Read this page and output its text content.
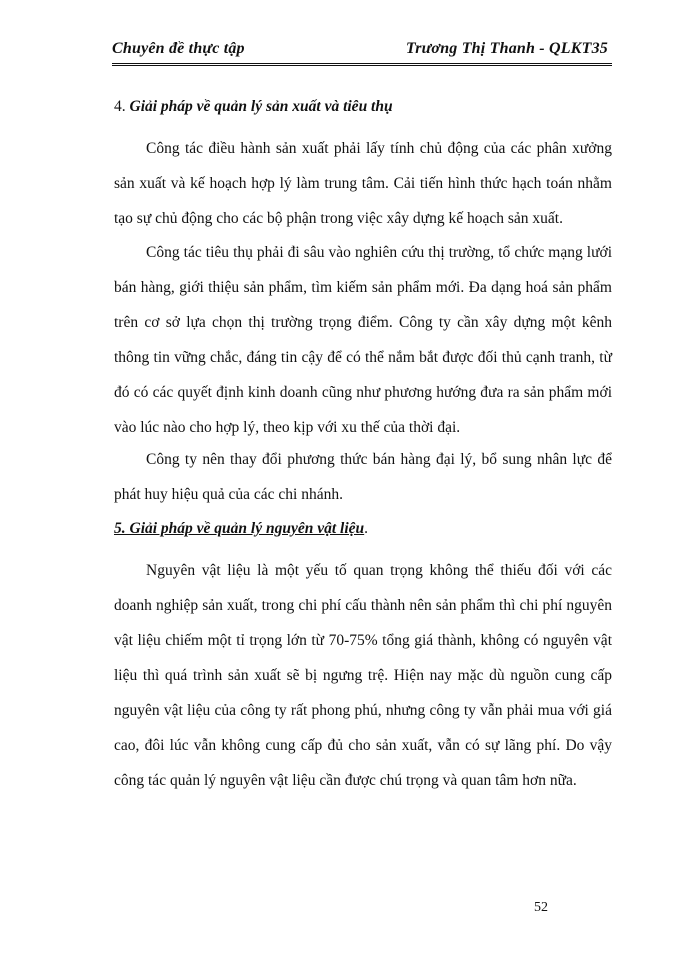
Chuyên đề thực tập	Trương Thị Thanh - QLKT35
4. Giải pháp về quản lý sản xuất và tiêu thụ

Công tác điều hành sản xuất phải lấy tính chủ động của các phân xưởng sản xuất và kế hoạch hợp lý làm trung tâm. Cải tiến hình thức hạch toán nhằm tạo sự chủ động cho các bộ phận trong việc xây dựng kế hoạch sản xuất.

Công tác tiêu thụ phải đi sâu vào nghiên cứu thị trường, tổ chức mạng lưới bán hàng, giới thiệu sản phẩm, tìm kiếm sản phẩm mới. Đa dạng hoá sản phẩm trên cơ sở lựa chọn thị trường trọng điểm. Công ty cần xây dựng một kênh thông tin vững chắc, đáng tin cậy để có thể nắm bắt được đối thủ cạnh tranh, từ đó có các quyết định kinh doanh cũng như phương hướng đưa ra sản phẩm mới vào lúc nào cho hợp lý, theo kịp với xu thế của thời đại.

Công ty nên thay đổi phương thức bán hàng đại lý, bổ sung nhân lực để phát huy hiệu quả của các chi nhánh.

5. Giải pháp về quản lý nguyên vật liệu.

Nguyên vật liệu là một yếu tố quan trọng không thể thiếu đối với các doanh nghiệp sản xuất, trong chi phí cấu thành nên sản phẩm thì chi phí nguyên vật liệu chiếm một tỉ trọng lớn từ 70-75% tổng giá thành, không có nguyên vật liệu thì quá trình sản xuất sẽ bị ngưng trệ. Hiện nay mặc dù nguồn cung cấp nguyên vật liệu của công ty rất phong phú, nhưng công ty vẫn phải mua với giá cao, đôi lúc vẫn không cung cấp đủ cho sản xuất, vẫn có sự lãng phí. Do vậy công tác quản lý nguyên vật liệu cần được chú trọng và quan tâm hơn nữa.

52
